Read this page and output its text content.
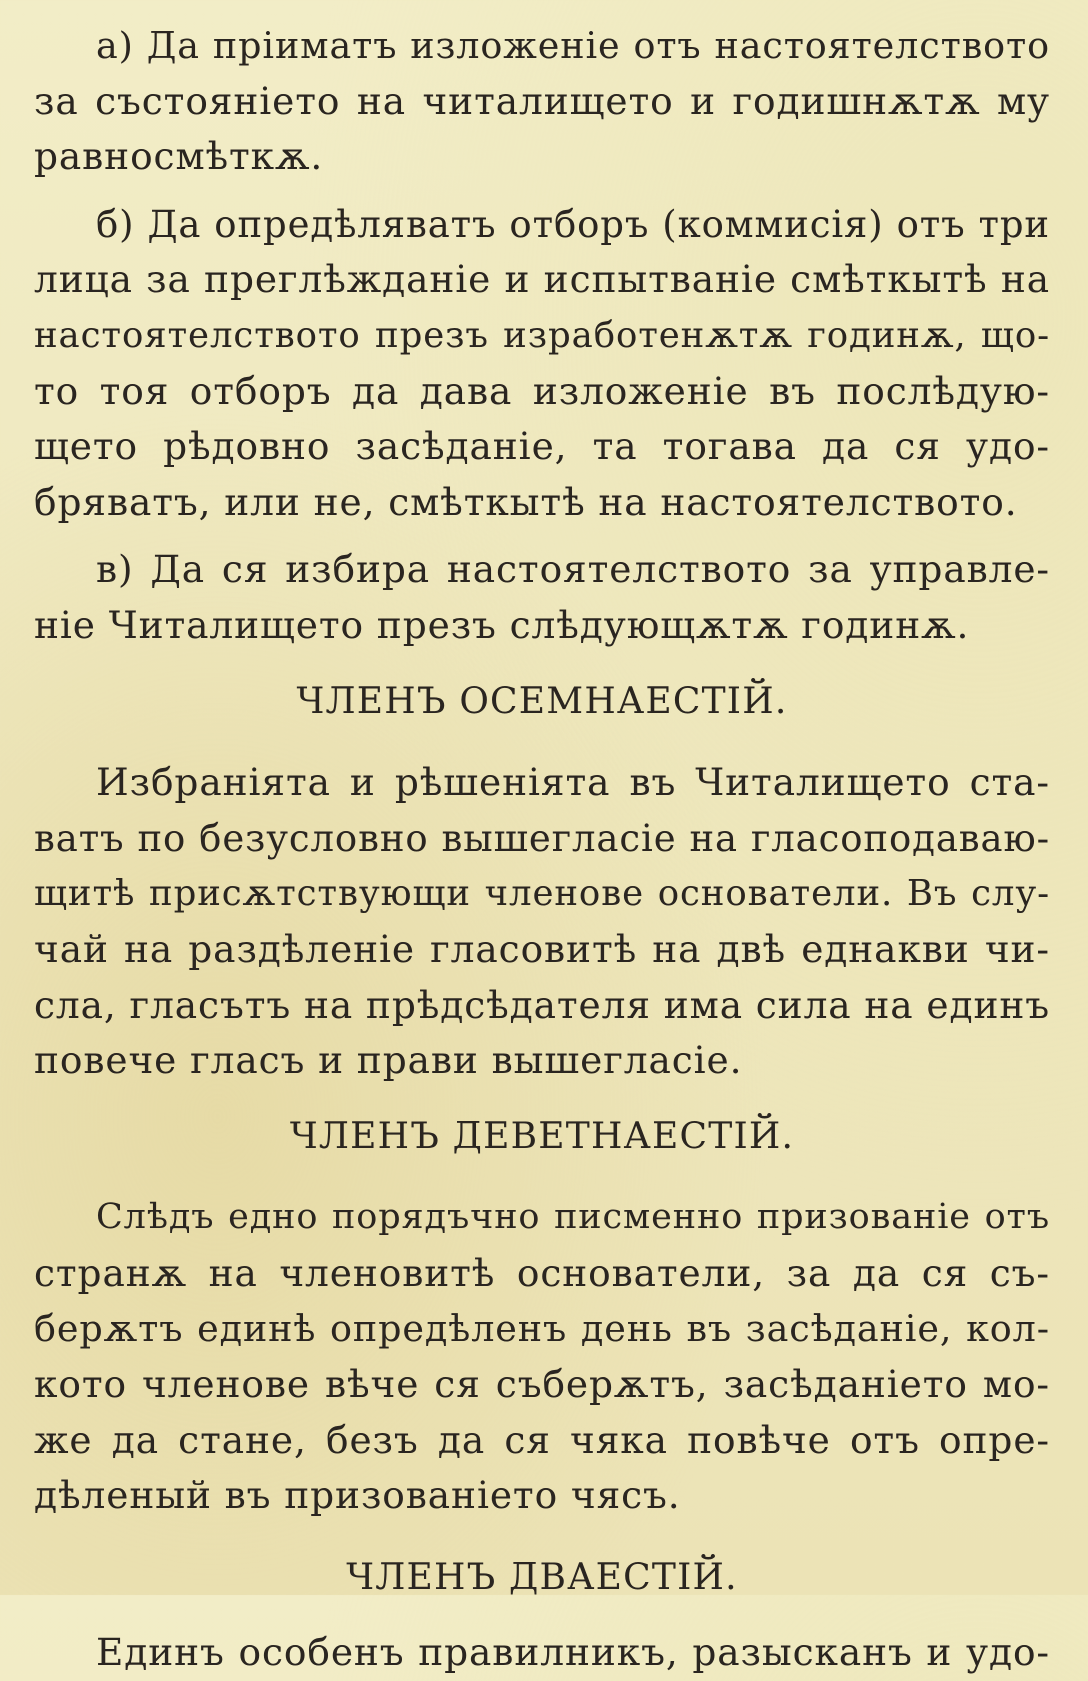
а) Да пріиматъ изложеніе отъ настоятелството
за състояніето на читалището и годишнѫтѫ му
равносмѣткѫ.
б) Да опредѣляватъ отборъ (коммисія) отъ три
лица за преглѣжданіе и испытваніе смѣткытѣ на
настоятелството презъ изработенѫтѫ годинѫ, що-
то тоя отборъ да дава изложеніе въ послѣдую-
щето рѣдовно засѣданіе, та тогава да ся удо-
бряватъ, или не, смѣткытѣ на настоятелството.
в) Да ся избира настоятелството за управле-
ніе Читалището презъ слѣдующѫтѫ годинѫ.
ЧЛЕНЪ ОСЕМНАЕСТІЙ.
Избраніята и рѣшеніята въ Читалището ста-
ватъ по безусловно вышегласіе на гласоподаваю-
щитѣ присѫтствующи членове основатели. Въ слу-
чай на раздѣленіе гласовитѣ на двѣ еднакви чи-
сла, гласътъ на прѣдсѣдателя има сила на единъ
повече гласъ и прави вышегласіе.
ЧЛЕНЪ ДЕВЕТНАЕСТІЙ.
Слѣдъ едно порядъчно писменно призованіе отъ
странѫ на членовитѣ основатели, за да ся съ-
берѫтъ единѣ опредѣленъ день въ засѣданіе, кол-
кото членове вѣче ся съберѫтъ, засѣданіето мо-
же да стане, безъ да ся чяка повѣче отъ опре-
дѣленый въ призованіето чясъ.
ЧЛЕНЪ ДВАЕСТІЙ.
Единъ особенъ правилникъ, разысканъ и удо-
